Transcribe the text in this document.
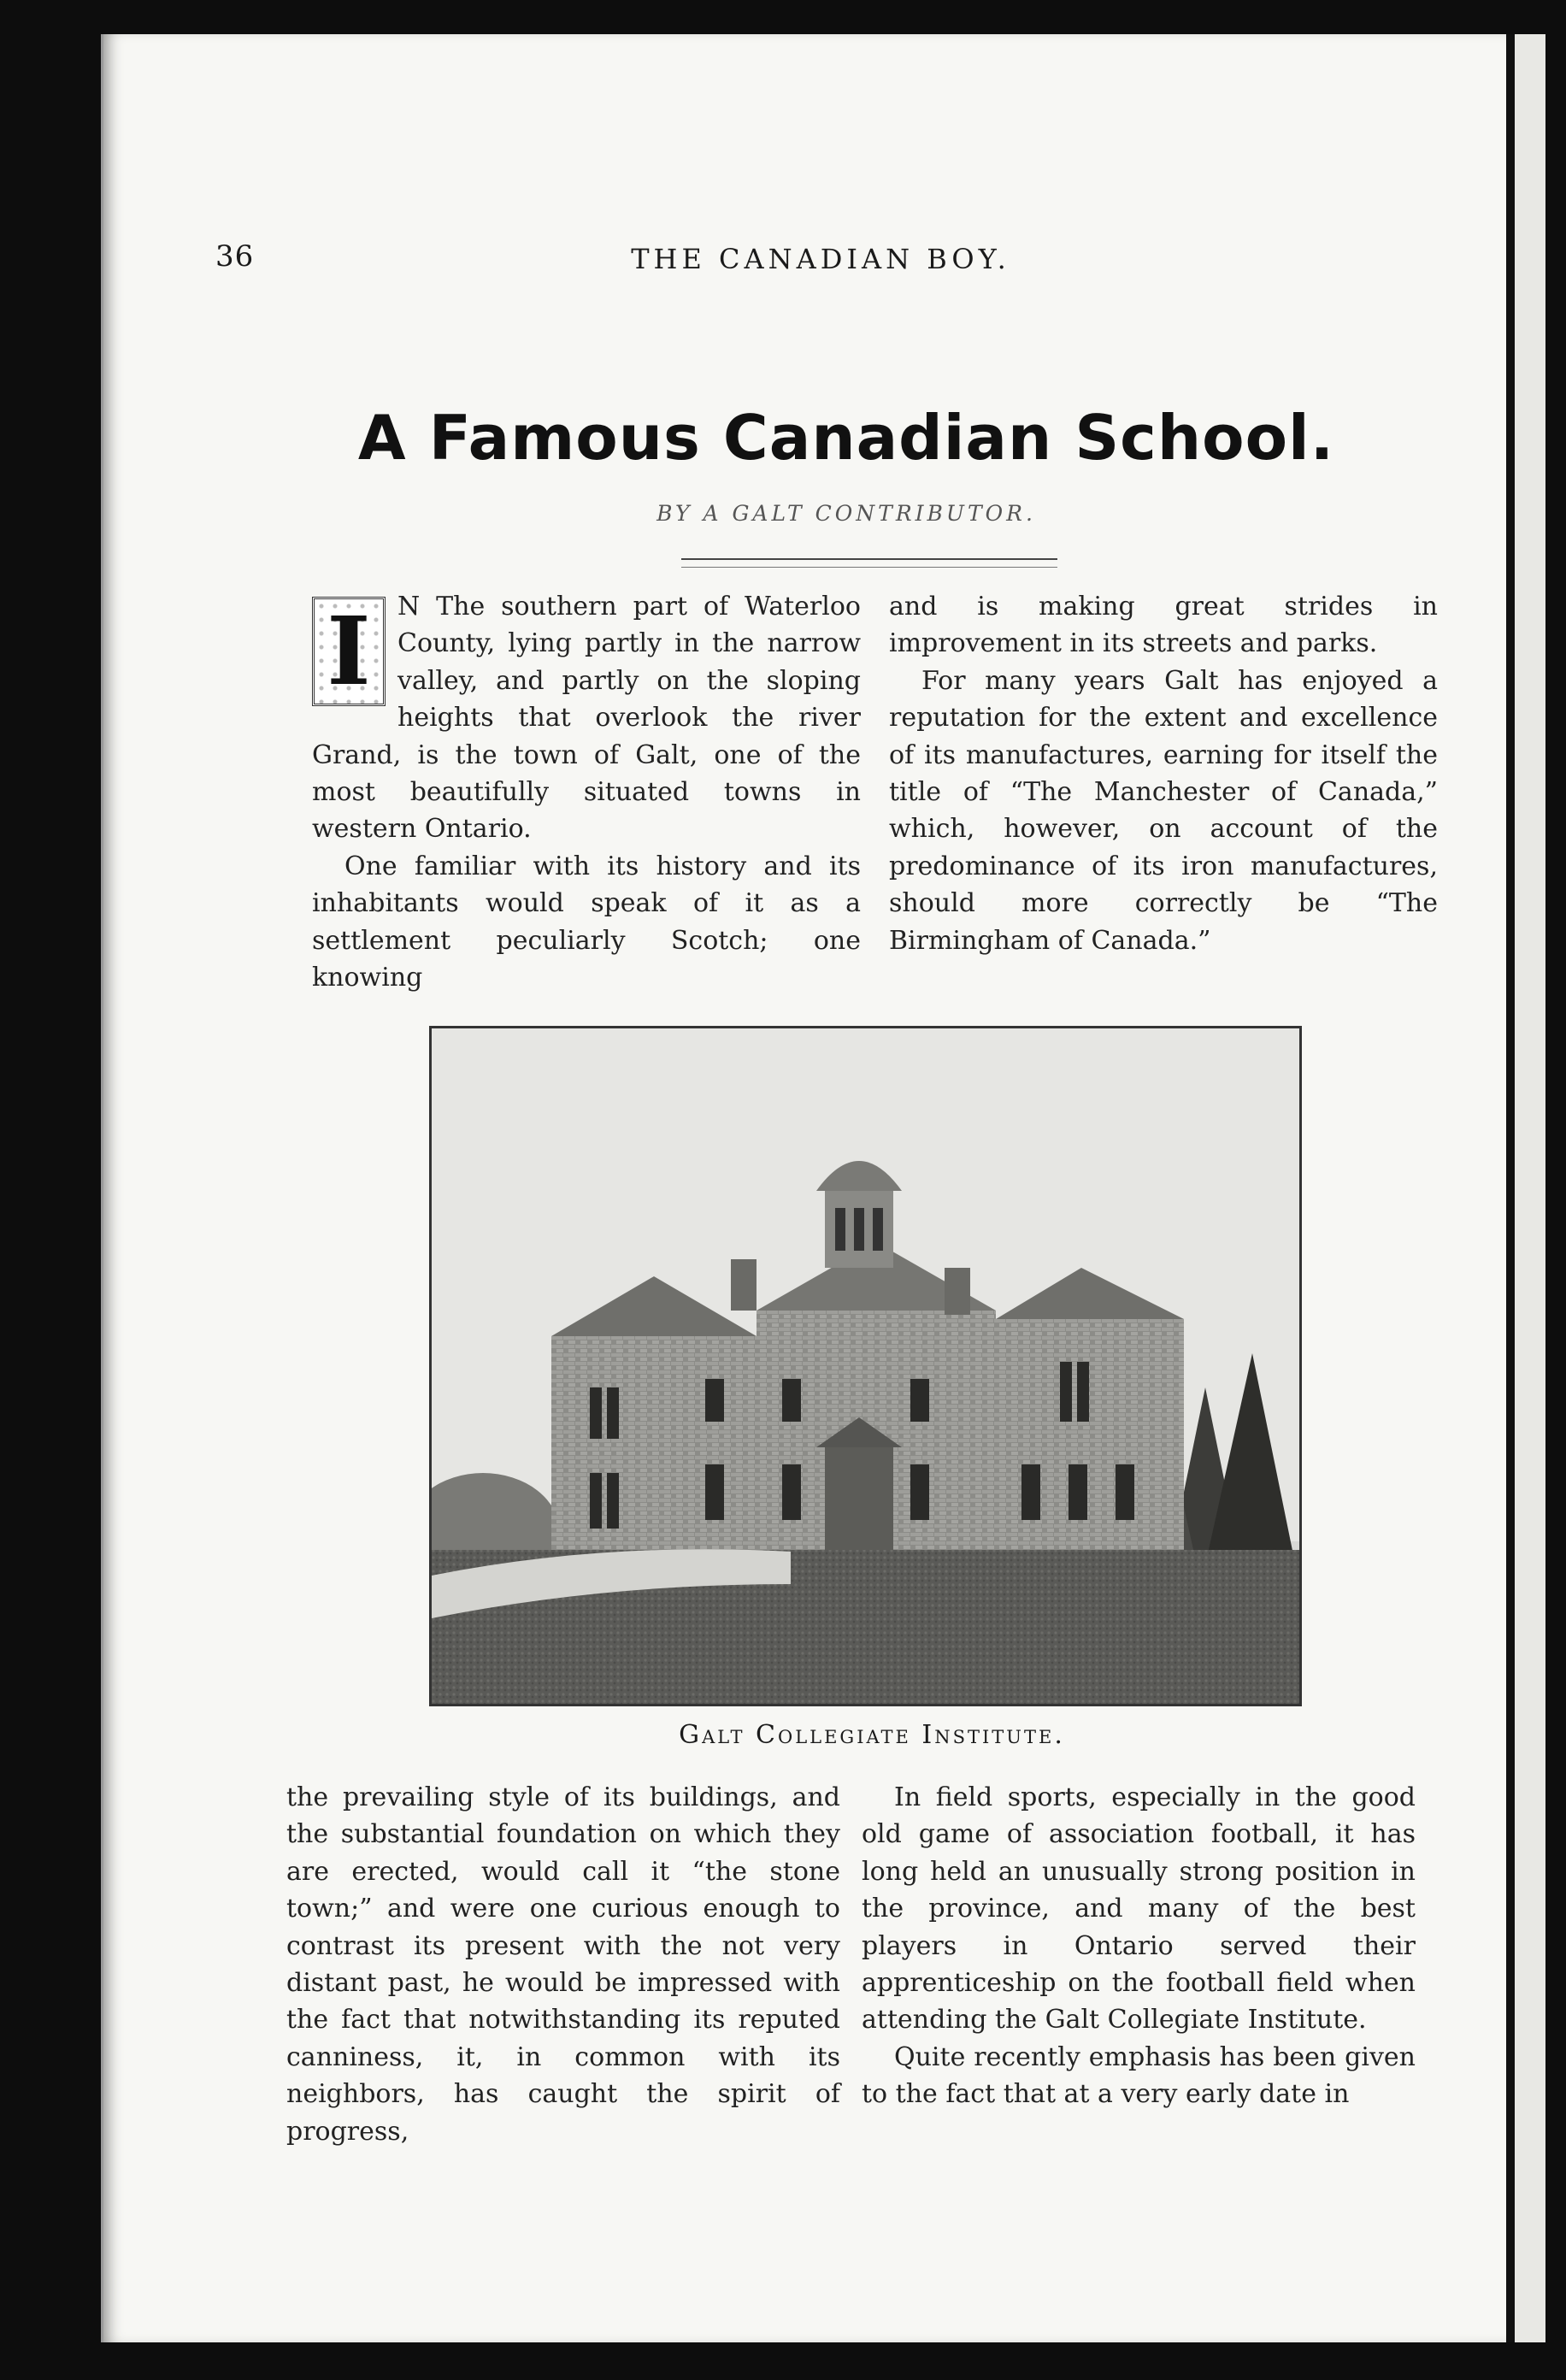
36	THE CANADIAN BOY.
A Famous Canadian School.
BY A GALT CONTRIBUTOR.

I	N The southern part of Waterloo County, lying partly in the narrow valley, and partly on the sloping heights that overlook the river Grand, is the town of Galt, one of the most beautifully situated towns in western Ontario.

One familiar with its history and its inhabitants would speak of it as a settlement peculiarly Scotch; one knowing

and is making great strides in improvement in its streets and parks.

For many years Galt has enjoyed a reputation for the extent and excellence of its manufactures, earning for itself the title of “The Manchester of Canada,” which, however, on account of the predominance of its iron manufactures, should more correctly be “The Birmingham of Canada.”

Galt Collegiate Institute.

the prevailing style of its buildings, and the substantial foundation on which they are erected, would call it “the stone town;” and were one curious enough to contrast its present with the not very distant past, he would be impressed with the fact that notwithstanding its reputed canniness, it, in common with its neighbors, has caught the spirit of progress,

In field sports, especially in the good old game of association football, it has long held an unusually strong position in the province, and many of the best players in Ontario served their apprenticeship on the football field when attending the Galt Collegiate Institute.

Quite recently emphasis has been given to the fact that at a very early date in
